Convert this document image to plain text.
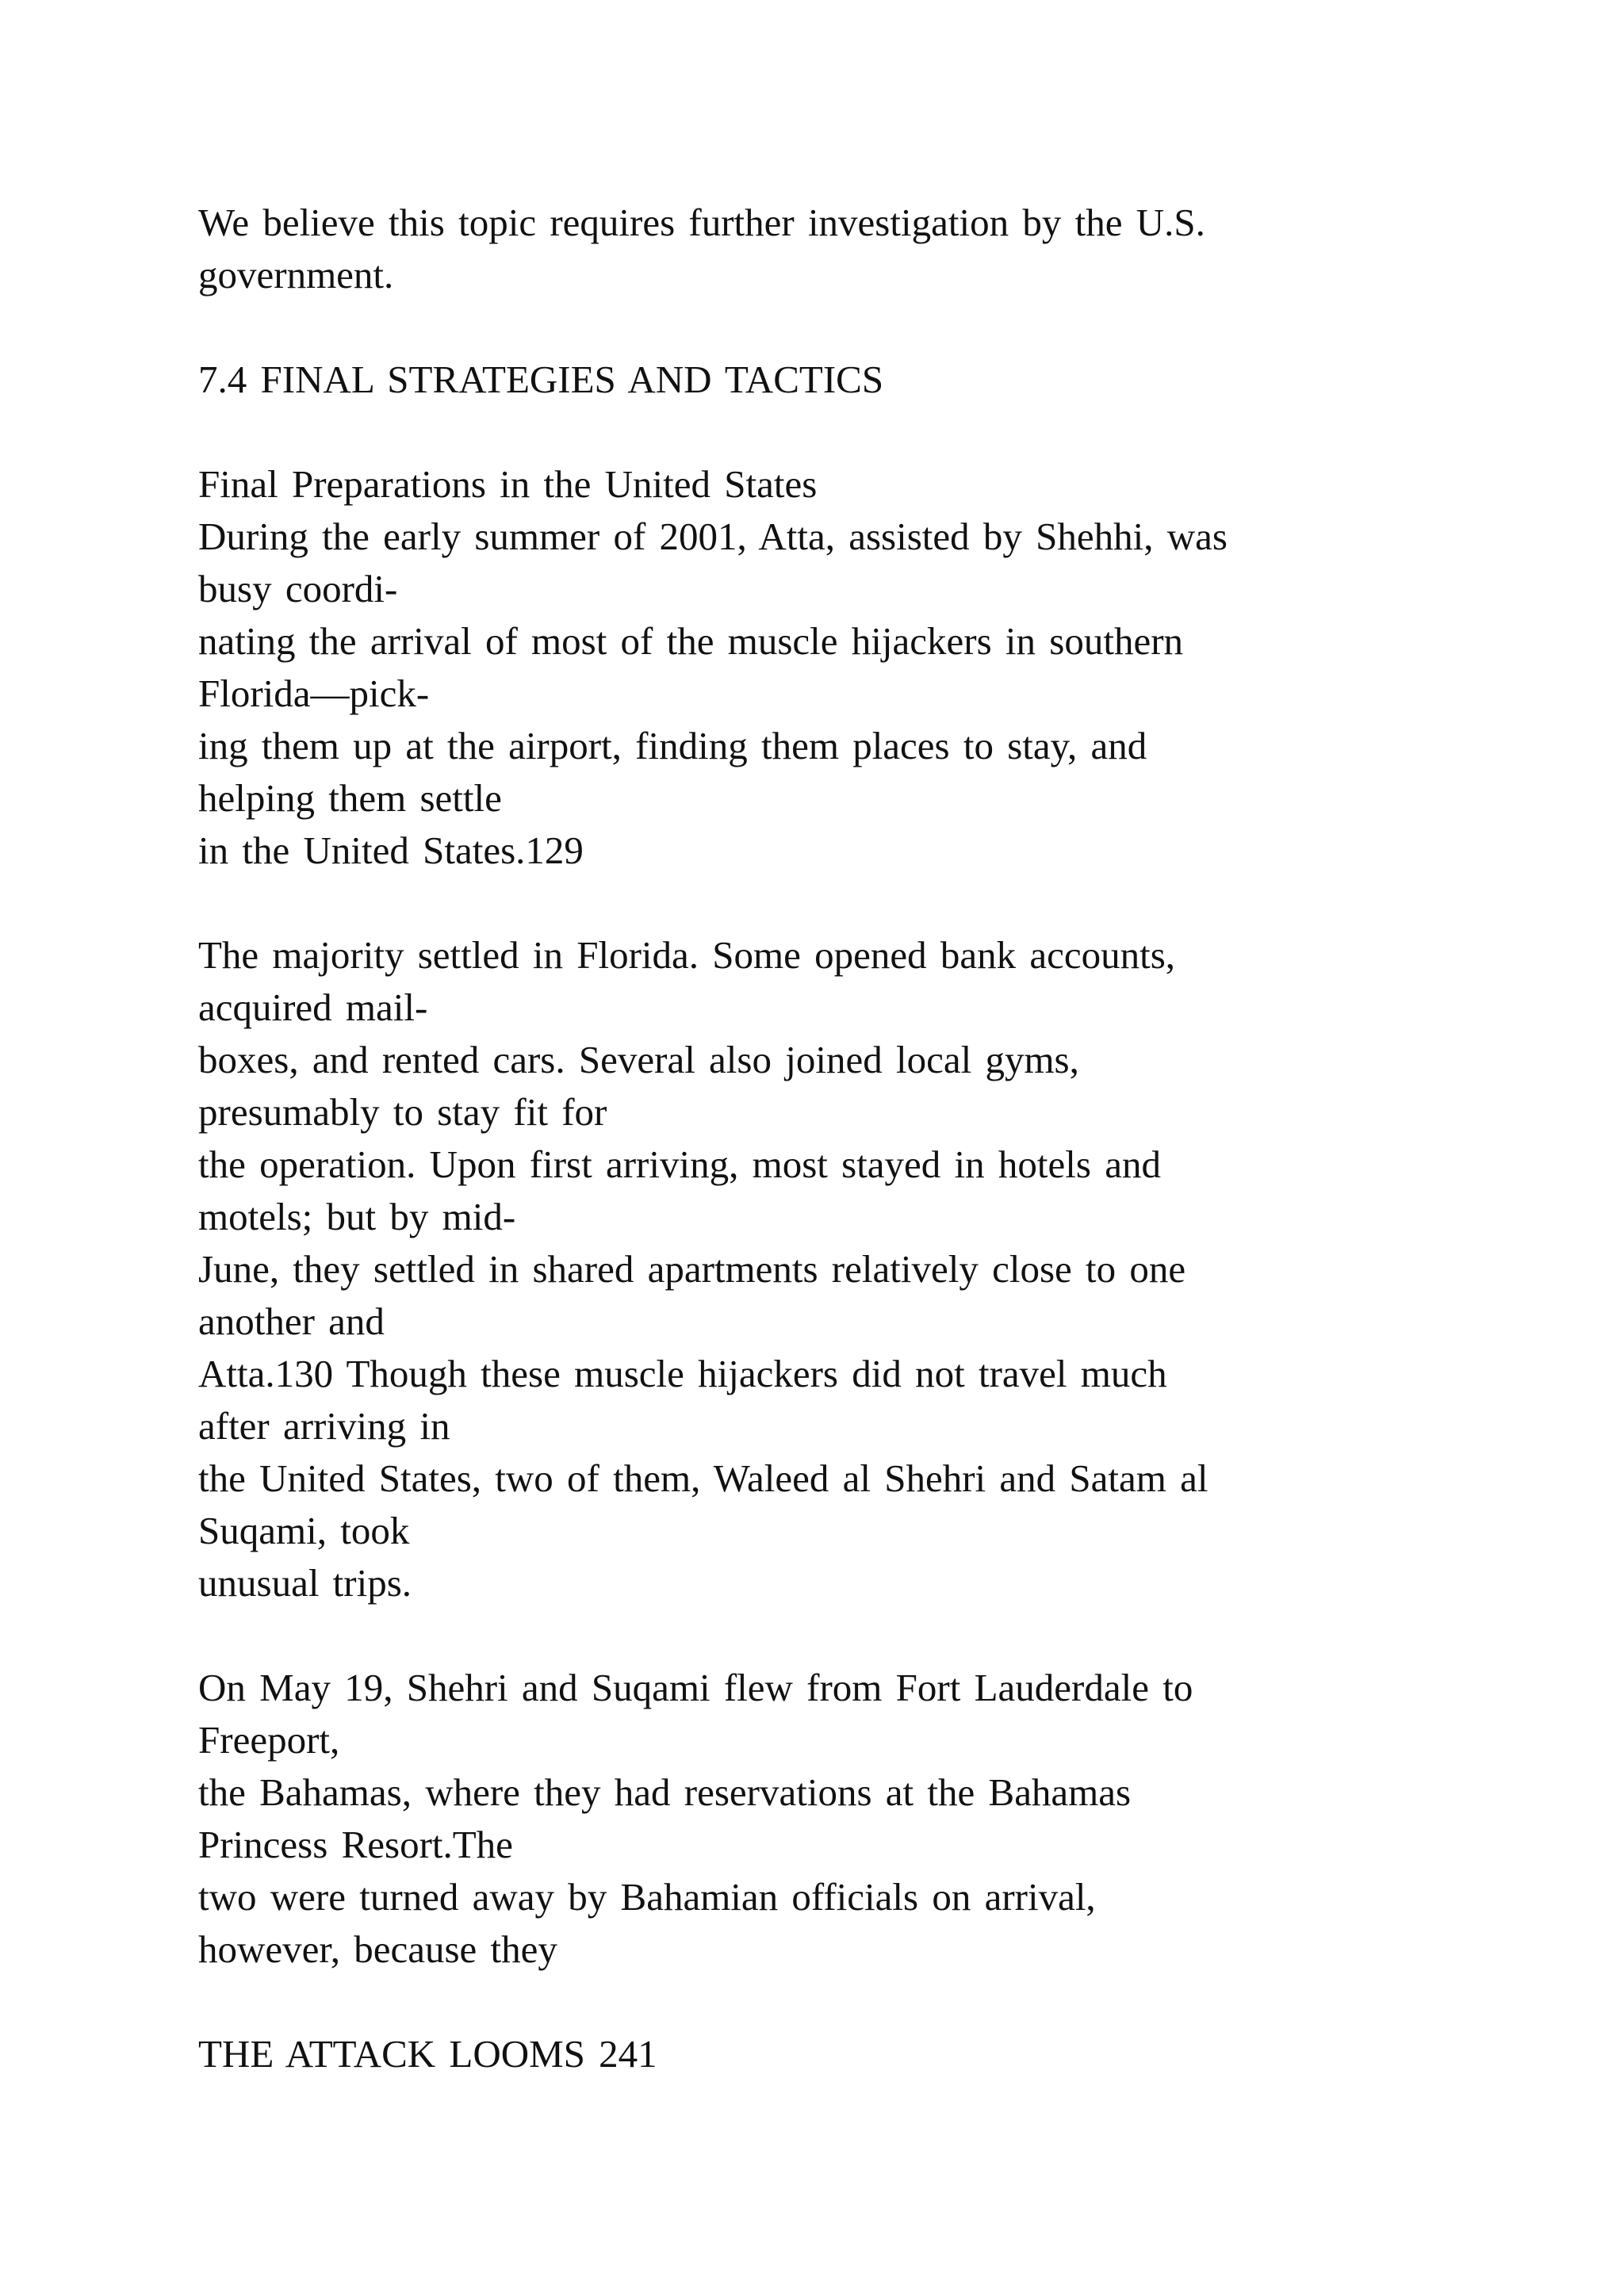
We believe this topic requires further investigation by the U.S.

government.

7.4 FINAL STRATEGIES AND TACTICS

Final Preparations in the United States

During the early summer of 2001, Atta, assisted by Shehhi, was

busy coordi-

nating the arrival of most of the muscle hijackers in southern

Florida—pick-

ing them up at the airport, finding them places to stay, and

helping them settle

in the United States.129

The majority settled in Florida. Some opened bank accounts,

acquired mail-

boxes, and rented cars. Several also joined local gyms,

presumably to stay fit for

the operation. Upon first arriving, most stayed in hotels and

motels; but by mid-

June, they settled in shared apartments relatively close to one

another and

Atta.130 Though these muscle hijackers did not travel much

after arriving in

the United States, two of them, Waleed al Shehri and Satam al

Suqami, took

unusual trips.

On May 19, Shehri and Suqami flew from Fort Lauderdale to

Freeport,

the Bahamas, where they had reservations at the Bahamas

Princess Resort.The

two were turned away by Bahamian officials on arrival,

however, because they

THE ATTACK LOOMS 241
